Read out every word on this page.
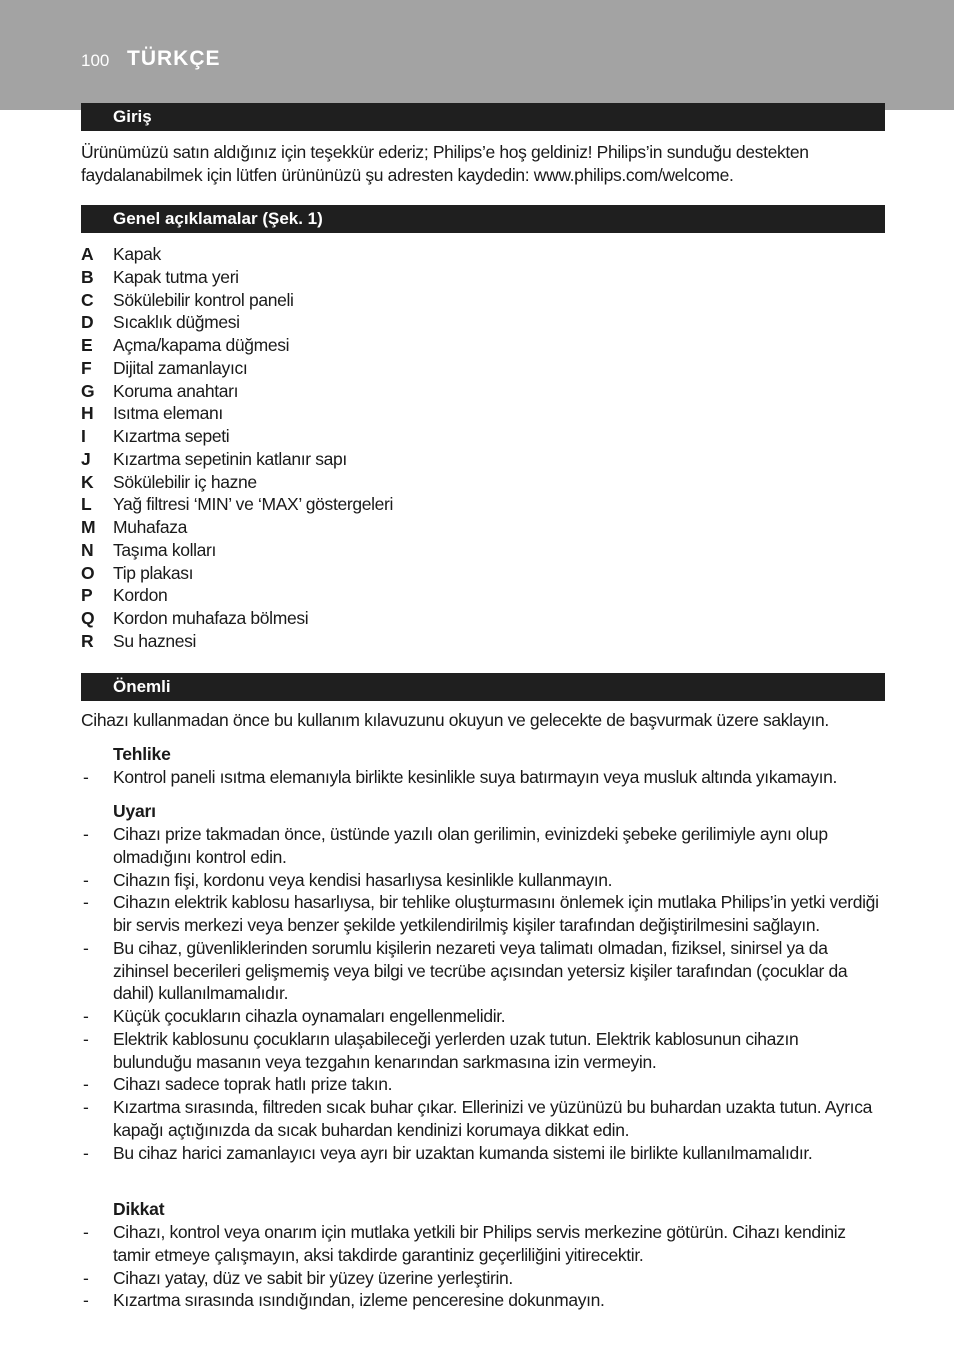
100 TÜRKÇE
Giriş

Ürünümüzü satın aldığınız için teşekkür ederiz; Philips’e hoş geldiniz! Philips’in sunduğu destekten faydalanabilmek için lütfen ürününüzü şu adresten kaydedin: www.philips.com/welcome.

Genel açıklamalar (Şek. 1)
A	Kapak
B	Kapak tutma yeri
C	Sökülebilir kontrol paneli
D	Sıcaklık düğmesi
E	Açma/kapama düğmesi
F	Dijital zamanlayıcı
G	Koruma anahtarı
H	Isıtma elemanı
I	Kızartma sepeti
J	Kızartma sepetinin katlanır sapı
K	Sökülebilir iç hazne
L	Yağ filtresi ‘MIN’ ve ‘MAX’ göstergeleri
M	Muhafaza
N	Taşıma kolları
O	Tip plakası
P	Kordon
Q	Kordon muhafaza bölmesi
R	Su haznesi
Önemli

Cihazı kullanmadan önce bu kullanım kılavuzunu okuyun ve gelecekte de başvurmak üzere saklayın.

Tehlike
-	Kontrol paneli ısıtma elemanıyla birlikte kesinlikle suya batırmayın veya musluk altında yıkamayın.
Uyarı
-	Cihazı prize takmadan önce, üstünde yazılı olan gerilimin, evinizdeki şebeke gerilimiyle aynı olup olmadığını kontrol edin.
-	Cihazın fişi, kordonu veya kendisi hasarlıysa kesinlikle kullanmayın.
-	Cihazın elektrik kablosu hasarlıysa, bir tehlike oluşturmasını önlemek için mutlaka Philips’in yetki verdiği bir servis merkezi veya benzer şekilde yetkilendirilmiş kişiler tarafından değiştirilmesini sağlayın.
-	Bu cihaz, güvenliklerinden sorumlu kişilerin nezareti veya talimatı olmadan, fiziksel, sinirsel ya da zihinsel becerileri gelişmemiş veya bilgi ve tecrübe açısından yetersiz kişiler tarafından (çocuklar da dahil) kullanılmamalıdır.
-	Küçük çocukların cihazla oynamaları engellenmelidir.
-	Elektrik kablosunu çocukların ulaşabileceği yerlerden uzak tutun. Elektrik kablosunun cihazın bulunduğu masanın veya tezgahın kenarından sarkmasına izin vermeyin.
-	Cihazı sadece toprak hatlı prize takın.
-	Kızartma sırasında, filtreden sıcak buhar çıkar. Ellerinizi ve yüzünüzü bu buhardan uzakta tutun. Ayrıca kapağı açtığınızda da sıcak buhardan kendinizi korumaya dikkat edin.
-	Bu cihaz harici zamanlayıcı veya ayrı bir uzaktan kumanda sistemi ile birlikte kullanılmamalıdır.
Dikkat
-	Cihazı, kontrol veya onarım için mutlaka yetkili bir Philips servis merkezine götürün. Cihazı kendiniz tamir etmeye çalışmayın, aksi takdirde garantiniz geçerliliğini yitirecektir.
-	Cihazı yatay, düz ve sabit bir yüzey üzerine yerleştirin.
-	Kızartma sırasında ısındığından, izleme penceresine dokunmayın.
